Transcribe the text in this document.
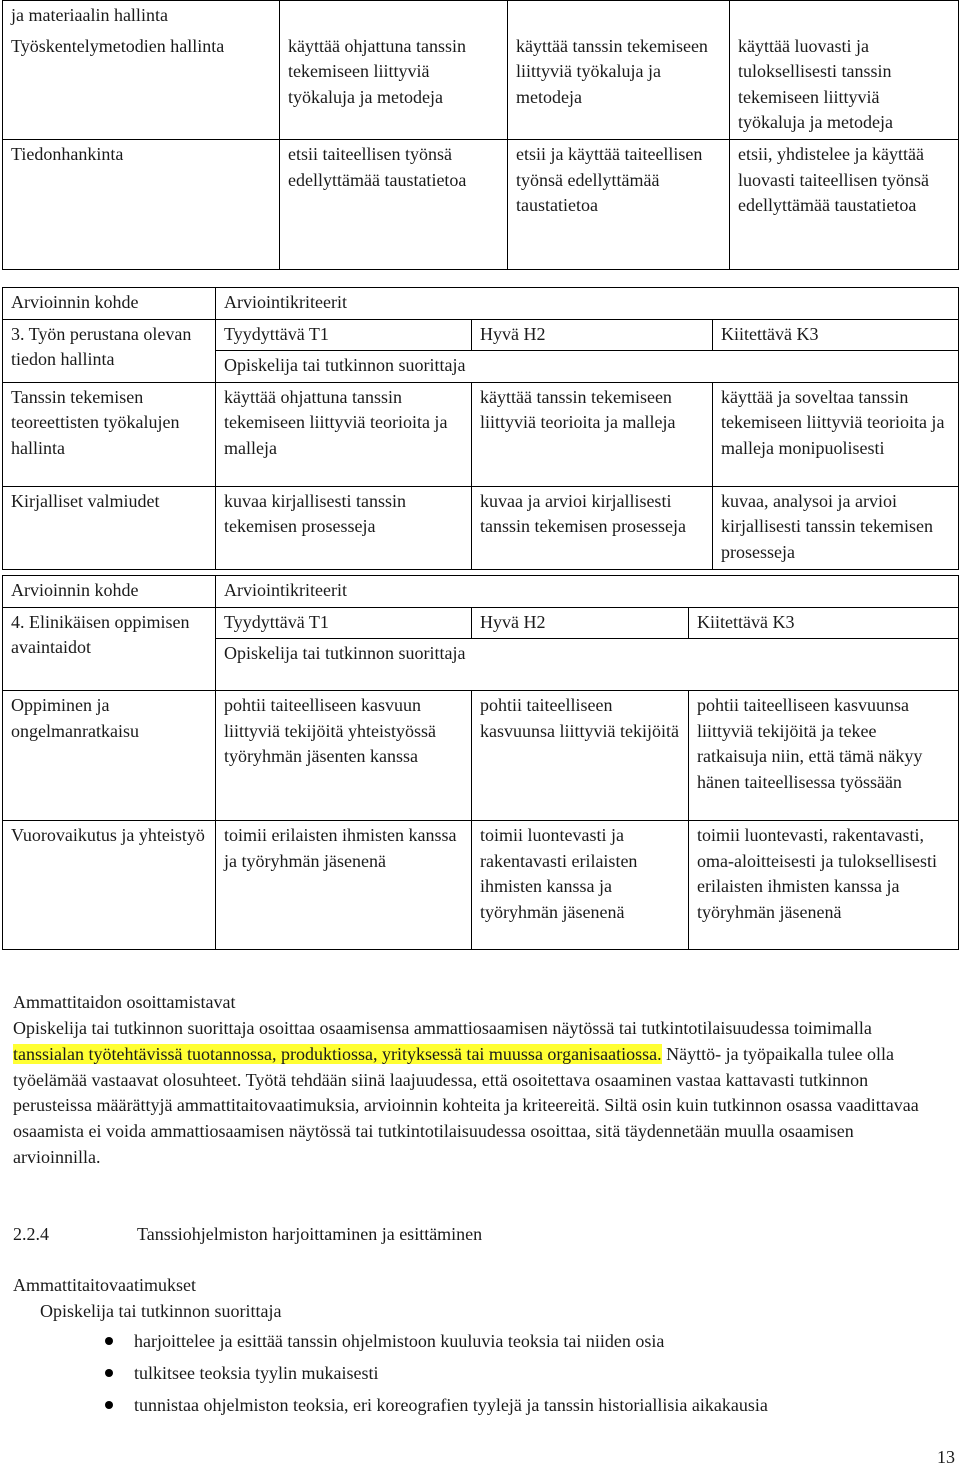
ja materiaalin hallinta			
Työskentelymetodien hallinta	käyttää ohjattuna tanssin tekemiseen liittyviä työkaluja ja metodeja	käyttää tanssin tekemiseen liittyviä työkaluja ja metodeja	käyttää luovasti ja tuloksellisesti tanssin tekemiseen liittyviä työkaluja ja metodeja
Tiedonhankinta	etsii taiteellisen työnsä edellyttämää taustatietoa	etsii ja käyttää taiteellisen työnsä edellyttämää taustatietoa	etsii, yhdistelee ja käyttää luovasti taiteellisen työnsä edellyttämää taustatietoa
Arvioinnin kohde	Arviointikriteerit		
3. Työn perustana olevan tiedon hallinta	Tyydyttävä T1	Hyvä H2	Kiitettävä K3
	Opiskelija tai tutkinnon suorittaja		
Tanssin tekemisen teoreettisten työkalujen hallinta	käyttää ohjattuna tanssin tekemiseen liittyviä teorioita ja malleja	käyttää tanssin tekemiseen liittyviä teorioita ja malleja	käyttää ja soveltaa tanssin tekemiseen liittyviä teorioita ja malleja monipuolisesti
Kirjalliset valmiudet	kuvaa kirjallisesti tanssin tekemisen prosesseja	kuvaa ja arvioi kirjallisesti tanssin tekemisen prosesseja	kuvaa, analysoi ja arvioi kirjallisesti tanssin tekemisen prosesseja
Arvioinnin kohde	Arviointikriteerit		
4. Elinikäisen oppimisen avaintaidot	Tyydyttävä T1	Hyvä H2	Kiitettävä K3
	Opiskelija tai tutkinnon suorittaja		
Oppiminen ja ongelmanratkaisu	pohtii taiteelliseen kasvuun liittyviä tekijöitä yhteistyössä työryhmän jäsenten kanssa	pohtii taiteelliseen kasvuunsa liittyviä tekijöitä	pohtii taiteelliseen kasvuunsa liittyviä tekijöitä ja tekee ratkaisuja niin, että tämä näkyy hänen taiteellisessa työssään
Vuorovaikutus ja yhteistyö	toimii erilaisten ihmisten kanssa ja työryhmän jäsenenä	toimii luontevasti ja rakentavasti erilaisten ihmisten kanssa ja työryhmän jäsenenä	toimii luontevasti, rakentavasti, oma-aloitteisesti ja tuloksellisesti erilaisten ihmisten kanssa ja työryhmän jäsenenä
Ammattitaidon osoittamistavat
Opiskelija tai tutkinnon suorittaja osoittaa osaamisensa ammattiosaamisen näytössä tai tutkintotilaisuudessa toimimalla tanssialan työtehtävissä tuotannossa, produktiossa, yrityksessä tai muussa organisaatiossa. Näyttö- ja työpaikalla tulee olla työelämää vastaavat olosuhteet. Työtä tehdään siinä laajuudessa, että osoitettava osaaminen vastaa kattavasti tutkinnon perusteissa määrättyjä ammattitaitovaatimuksia, arvioinnin kohteita ja kriteereitä. Siltä osin kuin tutkinnon osassa vaadittavaa osaamista ei voida ammattiosaamisen näytössä tai tutkintotilaisuudessa osoittaa, sitä täydennetään muulla osaamisen arvioinnilla.
2.2.4	Tanssiohjelmiston harjoittaminen ja esittäminen
Ammattitaitovaatimukset
Opiskelija tai tutkinnon suorittaja
harjoittelee ja esittää tanssin ohjelmistoon kuuluvia teoksia tai niiden osia
tulkitsee teoksia tyylin mukaisesti
tunnistaa ohjelmiston teoksia, eri koreografien tyylejä ja tanssin historiallisia aikakausia
13
